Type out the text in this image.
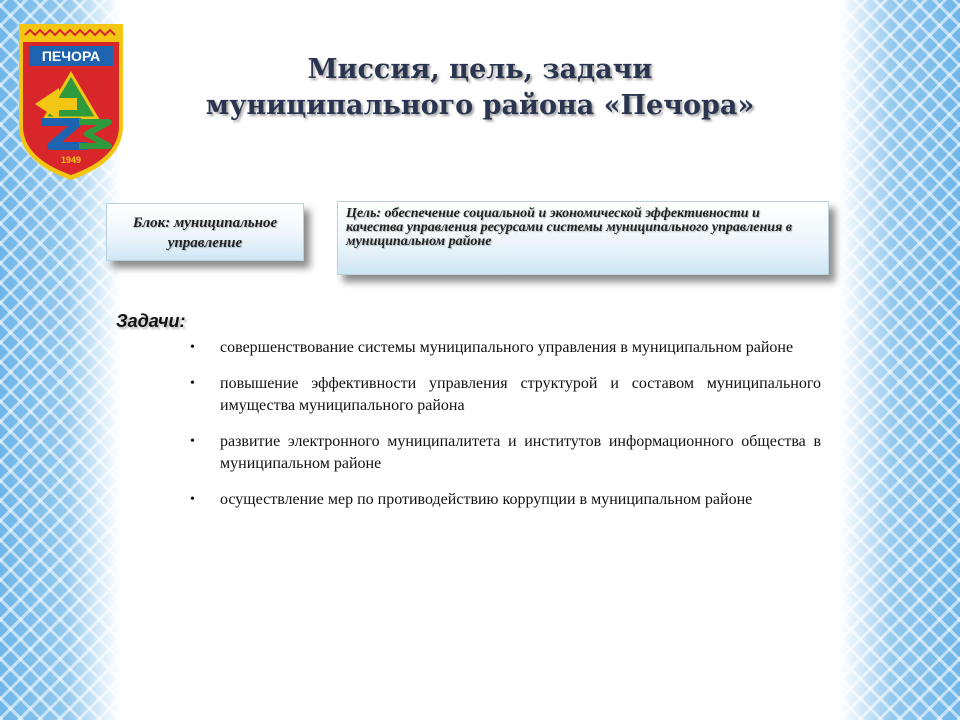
ПЕЧОРА
1949
Миссия, цель, задачи
муниципального района «Печора»
Блок: муниципальное управление
Цель: обеспечение социальной и экономической эффективности и качества управления ресурсами системы муниципального управления в муниципальном районе
Задачи:
• совершенствование системы муниципального управления в муниципальном районе
• повышение эффективности управления структурой и составом муниципального имущества муниципального района
• развитие электронного муниципалитета и институтов информационного общества в муниципальном районе
• осуществление мер по противодействию коррупции в муниципальном районе
